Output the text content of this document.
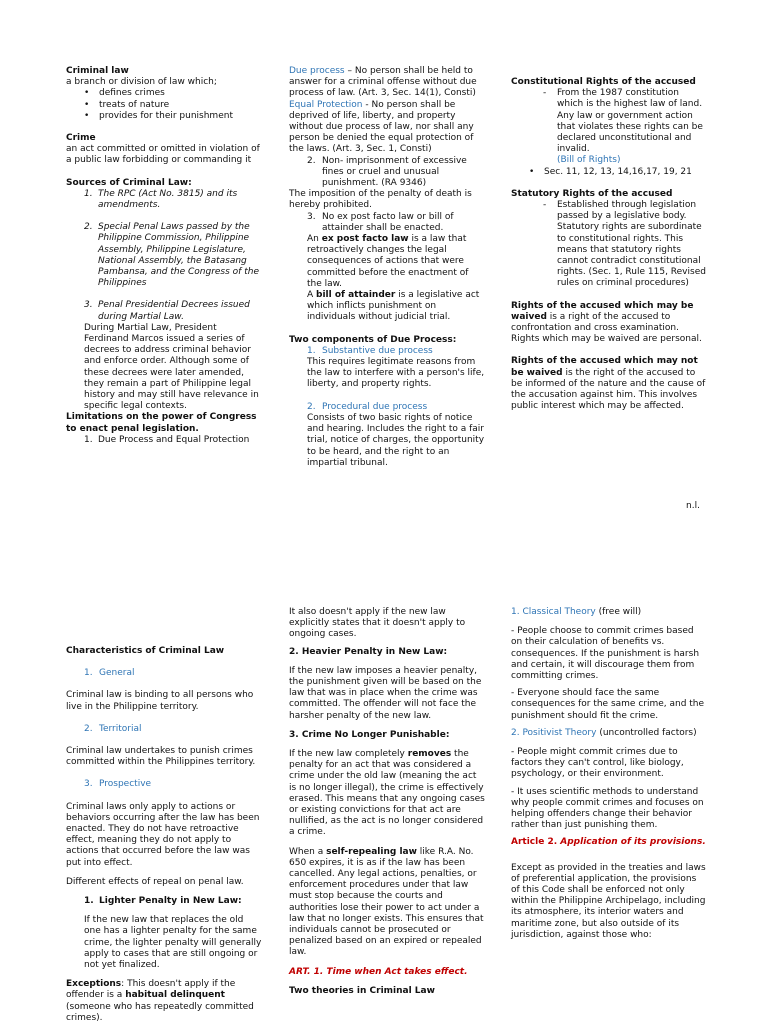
Criminal law

a branch or division of law which;

• defines crimes
• treats of nature
• provides for their punishment

Crime

an act committed or omitted in violation of a public law forbidding or commanding it

Sources of Criminal Law:

1. The RPC (Act No. 3815) and its amendments.
2. Special Penal Laws passed by the Philippine Commission, Philippine Assembly, Philippine Legislature, National Assembly, the Batasang Pambansa, and the Congress of the Philippines
3. Penal Presidential Decrees issued during Martial Law.

During Martial Law, President Ferdinand Marcos issued a series of decrees to address criminal behavior and enforce order. Although some of these decrees were later amended, they remain a part of Philippine legal history and may still have relevance in specific legal contexts.

Limitations on the power of Congress to enact penal legislation.

1. Due Process and Equal Protection

Due process – No person shall be held to answer for a criminal offense without due process of law. (Art. 3, Sec. 14(1), Consti)

Equal Protection - No person shall be deprived of life, liberty, and property without due process of law, nor shall any person be denied the equal protection of the laws. (Art. 3, Sec. 1, Consti)

2. Non- imprisonment of excessive fines or cruel and unusual punishment. (RA 9346)

The imposition of the penalty of death is hereby prohibited.

3. No ex post facto law or bill of attainder shall be enacted.

An ex post facto law is a law that retroactively changes the legal consequences of actions that were committed before the enactment of the law.

A bill of attainder is a legislative act which inflicts punishment on individuals without judicial trial.

Two components of Due Process:

1. Substantive due process

This requires legitimate reasons from the law to interfere with a person's life, liberty, and property rights.

2. Procedural due process

Consists of two basic rights of notice and hearing. Includes the right to a fair trial, notice of charges, the opportunity to be heard, and the right to an impartial tribunal.

Constitutional Rights of the accused

- From the 1987 constitution which is the highest law of land. Any law or government action that violates these rights can be declared unconstitutional and invalid.
(Bill of Rights)
• Sec. 11, 12, 13, 14,16,17, 19, 21

Statutory Rights of the accused

- Established through legislation passed by a legislative body. Statutory rights are subordinate to constitutional rights. This means that statutory rights cannot contradict constitutional rights. (Sec. 1, Rule 115, Revised rules on criminal procedures)

Rights of the accused which may be waived is a right of the accused to confrontation and cross examination. Rights which may be waived are personal.

Rights of the accused which may not be waived is the right of the accused to be informed of the nature and the cause of the accusation against him. This involves public interest which may be affected.

n.l.

Characteristics of Criminal Law

1. General

Criminal law is binding to all persons who live in the Philippine territory.

2. Territorial

Criminal law undertakes to punish crimes committed within the Philippines territory.

3. Prospective

Criminal laws only apply to actions or behaviors occurring after the law has been enacted. They do not have retroactive effect, meaning they do not apply to actions that occurred before the law was put into effect.

Different effects of repeal on penal law.

1. Lighter Penalty in New Law:

If the new law that replaces the old one has a lighter penalty for the same crime, the lighter penalty will generally apply to cases that are still ongoing or not yet finalized.

Exceptions: This doesn't apply if the offender is a habitual delinquent (someone who has repeatedly committed crimes).

It also doesn't apply if the new law explicitly states that it doesn't apply to ongoing cases.

2. Heavier Penalty in New Law:

If the new law imposes a heavier penalty, the punishment given will be based on the law that was in place when the crime was committed. The offender will not face the harsher penalty of the new law.

3. Crime No Longer Punishable:

If the new law completely removes the penalty for an act that was considered a crime under the old law (meaning the act is no longer illegal), the crime is effectively erased. This means that any ongoing cases or existing convictions for that act are nullified, as the act is no longer considered a crime.

When a self-repealing law like R.A. No. 650 expires, it is as if the law has been cancelled. Any legal actions, penalties, or enforcement procedures under that law must stop because the courts and authorities lose their power to act under a law that no longer exists. This ensures that individuals cannot be prosecuted or penalized based on an expired or repealed law.

ART. 1. Time when Act takes effect.

Two theories in Criminal Law

1. Classical Theory (free will)

- People choose to commit crimes based on their calculation of benefits vs. consequences. If the punishment is harsh and certain, it will discourage them from committing crimes.

- Everyone should face the same consequences for the same crime, and the punishment should fit the crime.

2. Positivist Theory (uncontrolled factors)

- People might commit crimes due to factors they can't control, like biology, psychology, or their environment.

- It uses scientific methods to understand why people commit crimes and focuses on helping offenders change their behavior rather than just punishing them.

Article 2. Application of its provisions.

Except as provided in the treaties and laws of preferential application, the provisions of this Code shall be enforced not only within the Philippine Archipelago, including its atmosphere, its interior waters and maritime zone, but also outside of its jurisdiction, against those who:
